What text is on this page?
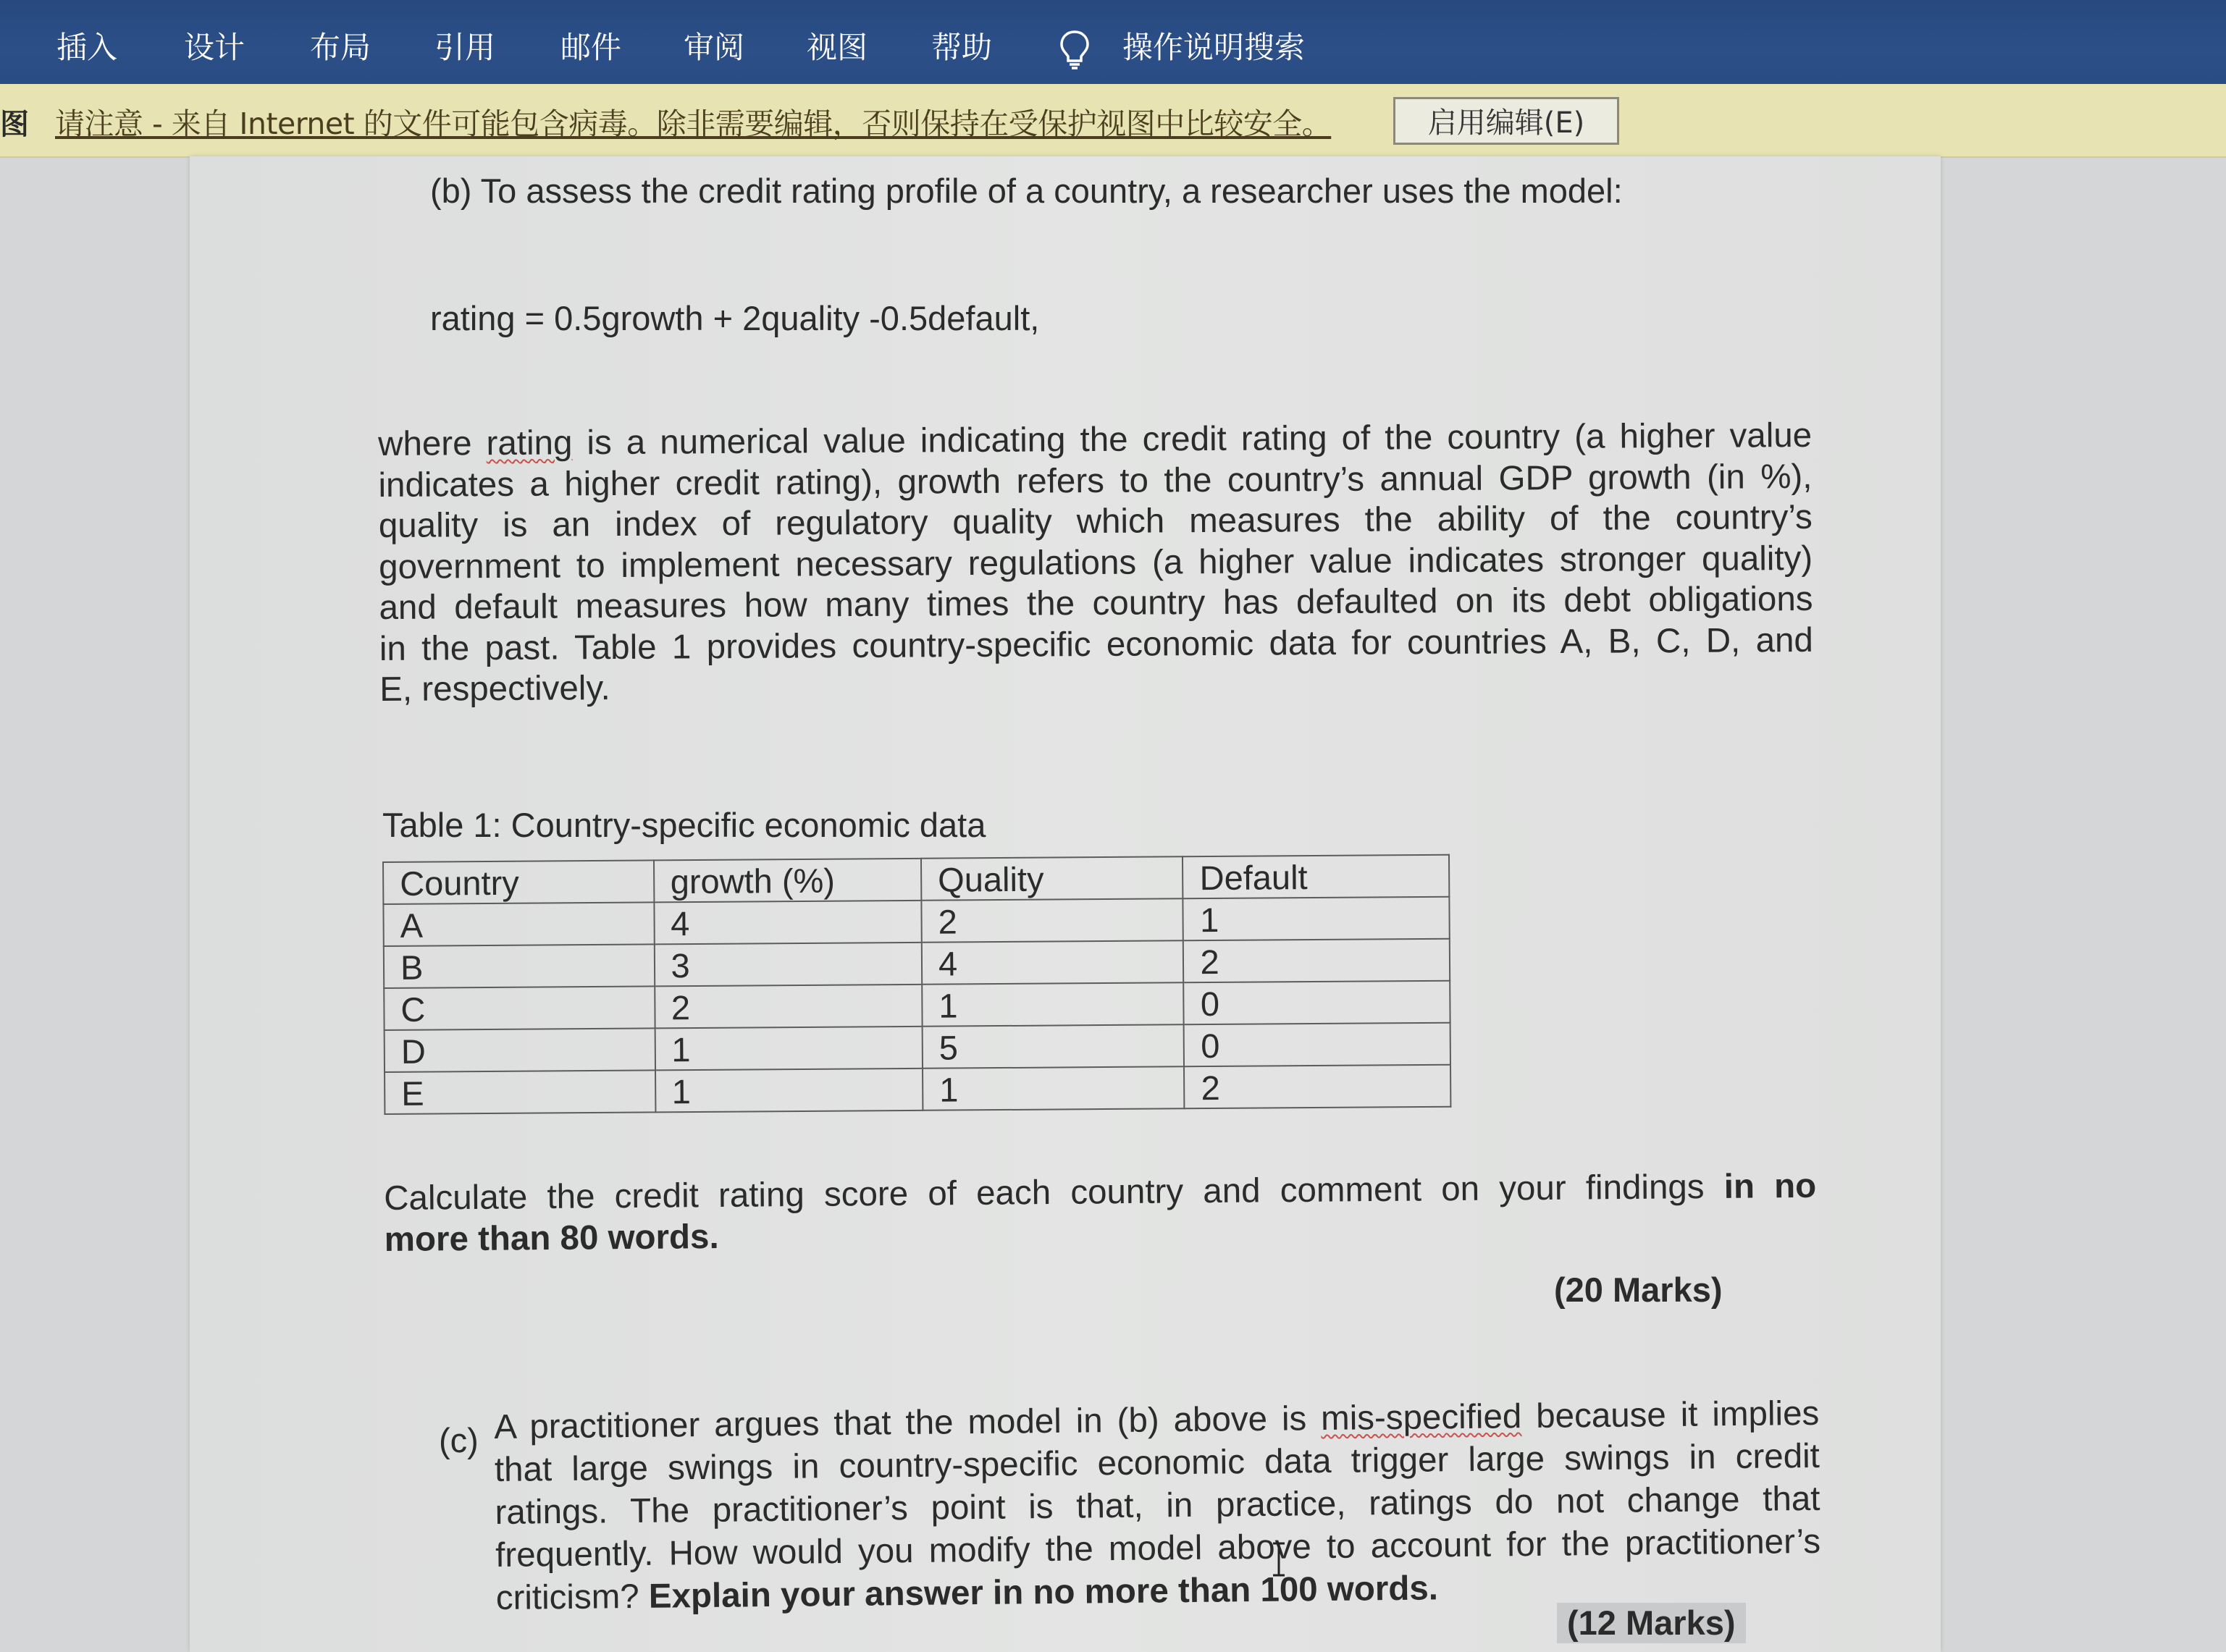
插入 设计 布局 引用 邮件 审阅 视图 帮助	操作说明搜索
图 请注意 - 来自 Internet 的文件可能包含病毒。除非需要编辑，否则保持在受保护视图中比较安全。	启用编辑(E)
(b) To assess the credit rating profile of a country, a researcher uses the model:
rating = 0.5growth + 2quality -0.5default,
where rating is a numerical value indicating the credit rating of the country (a higher value
indicates a higher credit rating), growth refers to the country’s annual GDP growth (in %),
quality is an index of regulatory quality which measures the ability of the country’s
government to implement necessary regulations (a higher value indicates stronger quality)
and default measures how many times the country has defaulted on its debt obligations
in the past. Table 1 provides country-specific economic data for countries A, B, C, D, and
E, respectively.
Table 1: Country-specific economic data
Calculate the credit rating score of each country and comment on your findings in no
more than 80 words.
(20 Marks)
(c) A practitioner argues that the model in (b) above is mis-specified because it implies
that large swings in country-specific economic data trigger large swings in credit
ratings. The practitioner’s point is that, in practice, ratings do not change that
frequently. How would you modify the model above to account for the practitioner’s
criticism? Explain your answer in no more than 100 words.
(12 Marks)
Country	growth (%)	Quality	Default
A	4	2	1
B	3	4	2
C	2	1	0
D	1	5	0
E	1	1	2
